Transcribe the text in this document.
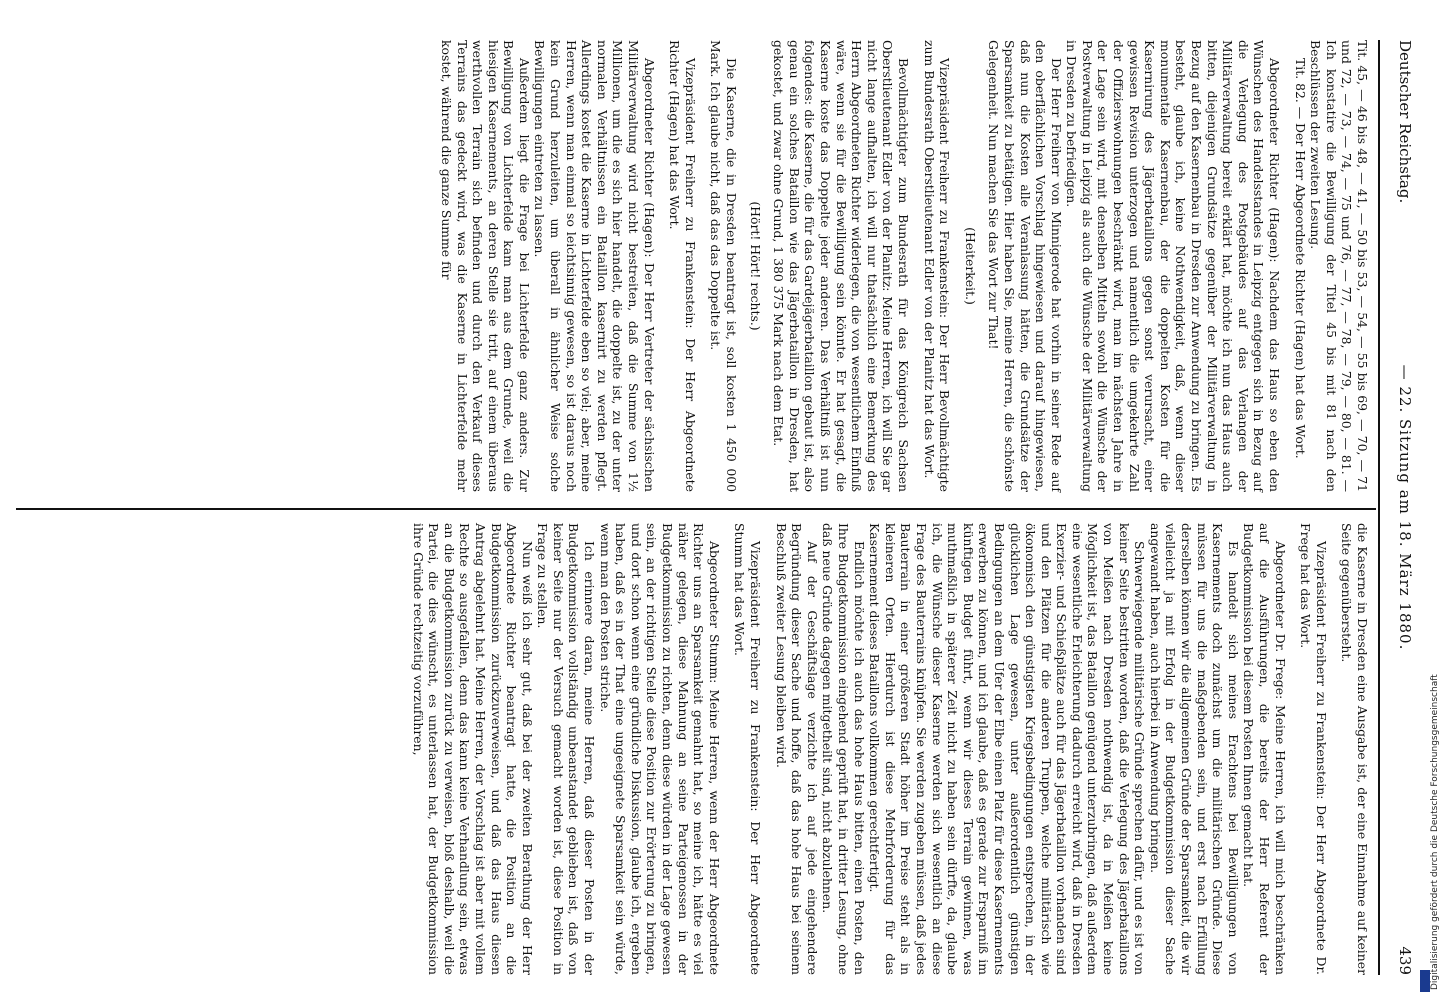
Deutscher Reichstag.
— 22. Sitzung am 18. März 1880.
439

Tit. 45, — 46 bis 48, — 41, — 50 bis 53, — 54, — 55 bis 69, — 70, — 71 und 72, — 73, — 74, — 75 und 76, — 77, — 78, — 79, — 80, — 81. — Ich konstatire die Bewilligung der Titel 45 bis mit 81 nach den Beschlüssen der zweiten Lesung.

Tit. 82. — Der Herr Abgeordnete Richter (Hagen) hat das Wort.

Abgeordneter Richter (Hagen): Nachdem das Haus so eben den Wünschen des Handelsstandes in Leipzig entgegen sich in Bezug auf die Verlegung des Postgebäudes auf das Verlangen der Militärverwaltung bereit erklärt hat, möchte ich nun das Haus auch bitten, diejenigen Grundsätze gegenüber der Militärverwaltung in Bezug auf den Kasernenbau in Dresden zur Anwendung zu bringen. Es besteht, glaube ich, keine Nothwendigkeit, daß, wenn dieser monumentale Kasernenbau, der die doppelten Kosten für die Kasernirung des Jägerbataillons gegen sonst verursacht, einer gewissen Revision unterzogen und namentlich die umgekehrte Zahl der Offizierswohnungen beschränkt wird, man im nächsten Jahre in der Lage sein wird, mit denselben Mitteln sowohl die Wünsche der Postverwaltung in Leipzig als auch die Wünsche der Militärverwaltung in Dresden zu befriedigen.

Der Herr Freiherr von Minnigerode hat vorhin in seiner Rede auf den oberflächlichen Vorschlag hingewiesen und darauf hingewiesen, daß nun die Kosten alle Veranlassung hätten, die Grundsätze der Sparsamkeit zu betätigen. Hier haben Sie, meine Herren, die schönste Gelegenheit. Nun machen Sie das Wort zur That!

(Heiterkeit.)

Vizepräsident Freiherr zu Frankenstein: Der Herr Bevollmächtigte zum Bundesrath Oberstlieutenant Edler von der Planitz hat das Wort.

Bevollmächtigter zum Bundesrath für das Königreich Sachsen Oberstlieutenant Edler von der Planitz: Meine Herren, ich will Sie gar nicht lange aufhalten, ich will nur thatsächlich eine Bemerkung des Herrn Abgeordneten Richter widerlegen, die von wesentlichem Einfluß wäre, wenn sie für die Bewilligung sein könnte. Er hat gesagt, die Kaserne koste das Doppelte jeder anderen. Das Verhältniß ist nun folgendes: die Kaserne, die für das Gardejägerbataillon gebaut ist, also genau ein solches Bataillon wie das Jägerbataillon in Dresden, hat gekostet, und zwar ohne Grund, 1 380 375 Mark nach dem Etat.

(Hört! Hört! rechts.)

Die Kaserne, die in Dresden beantragt ist, soll kosten 1 450 000 Mark. Ich glaube nicht, daß das das Doppelte ist.

Vizepräsident Freiherr zu Frankenstein: Der Herr Abgeordnete Richter (Hagen) hat das Wort.

Abgeordneter Richter (Hagen): Der Herr Vertreter der sächsischen Militärverwaltung wird nicht bestreiten, daß die Summe von 1½ Millionen, um die es sich hier handelt, die doppelte ist, zu der unter normalen Verhältnissen ein Bataillon kasernirt zu werden pflegt. Allerdings kostet die Kaserne in Lichterfelde eben so viel; aber, meine Herren, wenn man einmal so leichtsinnig gewesen, so ist daraus noch kein Grund herzuleiten, um überall in ähnlicher Weise solche Bewilligungen eintreten zu lassen.

Außerdem liegt die Frage bei Lichterfelde ganz anders. Zur Bewilligung von Lichterfelde kam man aus dem Grunde, weil die hiesigen Kasernements, an deren Stelle sie tritt, auf einem überaus werthvollen Terrain sich befinden und durch den Verkauf dieses Terrains das gedeckt wird, was die Kaserne in Lichterfelde mehr kostet, während die ganze Summe für

die Kaserne in Dresden eine Ausgabe ist, der eine Einnahme auf keiner Seite gegenübersteht.

Vizepräsident Freiherr zu Frankenstein: Der Herr Abgeordnete Dr. Frege hat das Wort.

Abgeordneter Dr. Frege: Meine Herren, ich will mich beschränken auf die Ausführungen, die bereits der Herr Referent der Budgetkommission bei diesem Posten Ihnen gemacht hat.

Es handelt sich meines Erachtens bei Bewilligungen von Kasernements doch zunächst um die militärischen Gründe. Diese müssen für uns die maßgebenden sein, und erst nach Erfüllung derselben können wir die allgemeinen Gründe der Sparsamkeit, die wir vielleicht ja mit Erfolg in der Budgetkommission dieser Sache angewandt haben, auch hierbei in Anwendung bringen.

Schwerwiegende militärische Gründe sprechen dafür, und es ist von keiner Seite bestritten worden, daß die Verlegung des Jägerbataillons von Meißen nach Dresden nothwendig ist, da in Meißen keine Möglichkeit ist, das Bataillon genügend unterzubringen, daß außerdem eine wesentliche Erleichterung dadurch erreicht wird, daß in Dresden Exerzier- und Schießplätze auch für das Jägerbataillon vorhanden sind und den Plätzen für die anderen Truppen, welche militärisch wie ökonomisch den günstigsten Kriegsbedingungen entsprechen, in der glücklichen Lage gewesen, unter außerordentlich günstigen Bedingungen an dem Ufer der Elbe einen Platz für diese Kasernements erwerben zu können, und ich glaube, daß es gerade zur Ersparniß im künftigen Budget führt, wenn wir dieses Terrain gewinnen, was muthmaßlich in späterer Zeit nicht zu haben sein dürfte, da, glaube ich, die Wünsche dieser Kaserne werden sich wesentlich an diese Frage des Bauterrains knüpfen. Sie werden zugeben müssen, daß jedes Bauterrain in einer größeren Stadt höher im Preise steht als in kleineren Orten. Hierdurch ist diese Mehrforderung für das Kasernement dieses Bataillons vollkommen gerechtfertigt.

Endlich möchte ich auch das hohe Haus bitten, einen Posten, den Ihre Budgetkommission eingehend geprüft hat, in dritter Lesung, ohne daß neue Gründe dagegen mitgetheilt sind, nicht abzulehnen.

Auf der Geschäftslage verzichte ich auf jede eingehendere Begründung dieser Sache und hoffe, daß das hohe Haus bei seinem Beschluß zweiter Lesung bleiben wird.

Vizepräsident Freiherr zu Frankenstein: Der Herr Abgeordnete Stumm hat das Wort.

Abgeordneter Stumm: Meine Herren, wenn der Herr Abgeordnete Richter uns an Sparsamkeit gemahnt hat, so meine ich, hätte es viel näher gelegen, diese Mahnung an seine Parteigenossen in der Budgetkommission zu richten, denn diese würden in der Lage gewesen sein, an der richtigen Stelle diese Position zur Erörterung zu bringen, und dort schon wenn eine gründliche Diskussion, glaube ich, ergeben haben, daß es in der That eine ungeeignete Sparsamkeit sein würde, wenn man den Posten striche.

Ich erinnere daran, meine Herren, daß dieser Posten in der Budgetkommission vollständig unbeanstandet geblieben ist, daß von keiner Seite nur der Versuch gemacht worden ist, diese Position in Frage zu stellen.

Nun weiß ich sehr gut, daß bei der zweiten Berathung der Herr Abgeordnete Richter beantragt hatte, die Position an die Budgetkommission zurückzuverweisen, und daß das Haus diesen Antrag abgelehnt hat. Meine Herren, der Vorschlag ist aber mit vollem Rechte so ausgefallen, denn das kann keine Verhandlung sein, etwas an die Budgetkommission zurück zu verweisen, bloß deshalb, weil die Partei, die dies wünscht, es unterlassen hat, der Budgetkommission ihre Gründe rechtzeitig vorzuführen,

Digitalisierung gefördert durch die Deutsche Forschungsgemeinschaft
